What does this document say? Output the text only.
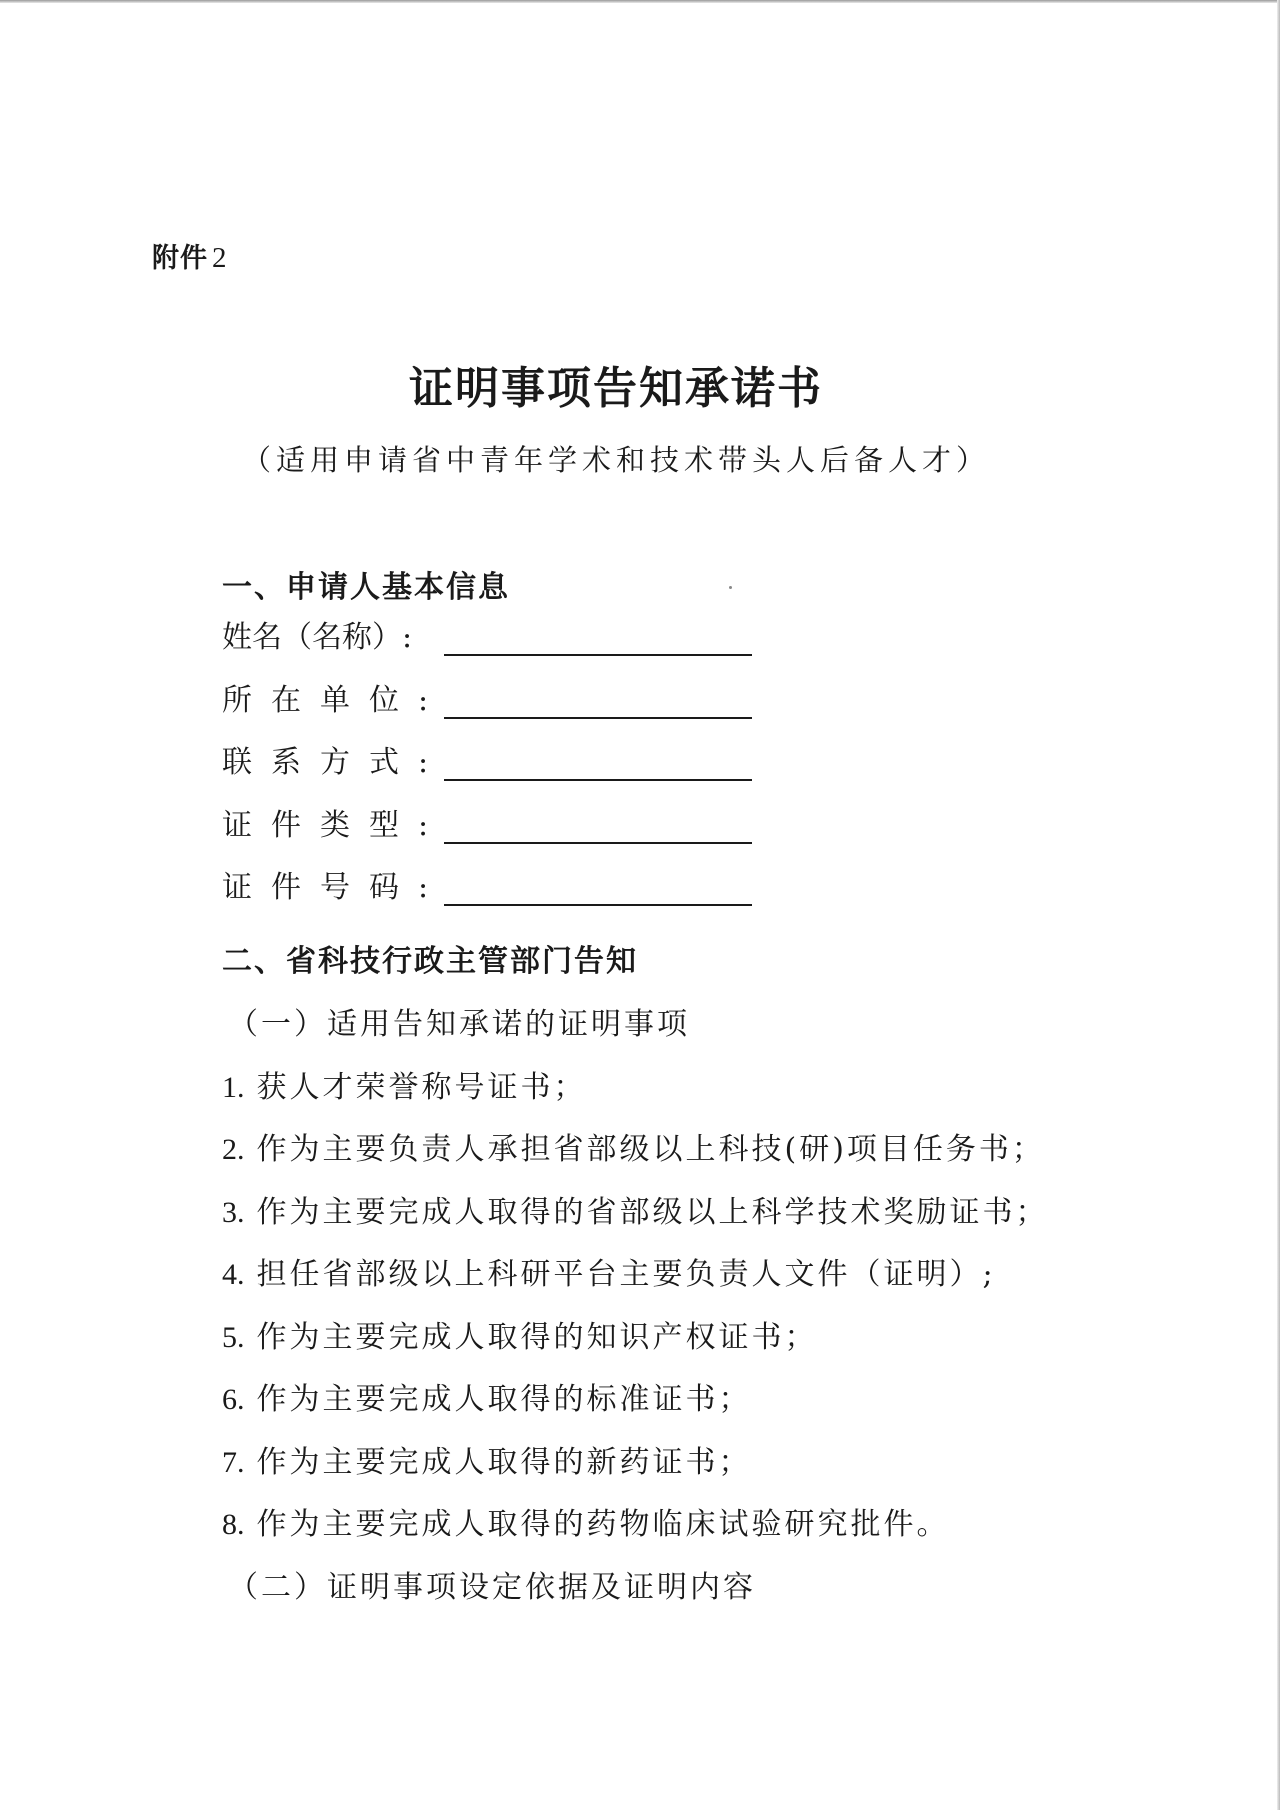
附件 2
证明事项告知承诺书
（适用申请省中青年学术和技术带头人后备人才）
一、申请人基本信息
姓名（名称）:
所在单位:
联系方式:
证件类型:
证件号码:
二、省科技行政主管部门告知
（一）适用告知承诺的证明事项
1. 获人才荣誉称号证书；
2. 作为主要负责人承担省部级以上科技(研)项目任务书；
3. 作为主要完成人取得的省部级以上科学技术奖励证书；
4. 担任省部级以上科研平台主要负责人文件（证明）;
5. 作为主要完成人取得的知识产权证书；
6. 作为主要完成人取得的标准证书；
7. 作为主要完成人取得的新药证书；
8. 作为主要完成人取得的药物临床试验研究批件。
（二）证明事项设定依据及证明内容
